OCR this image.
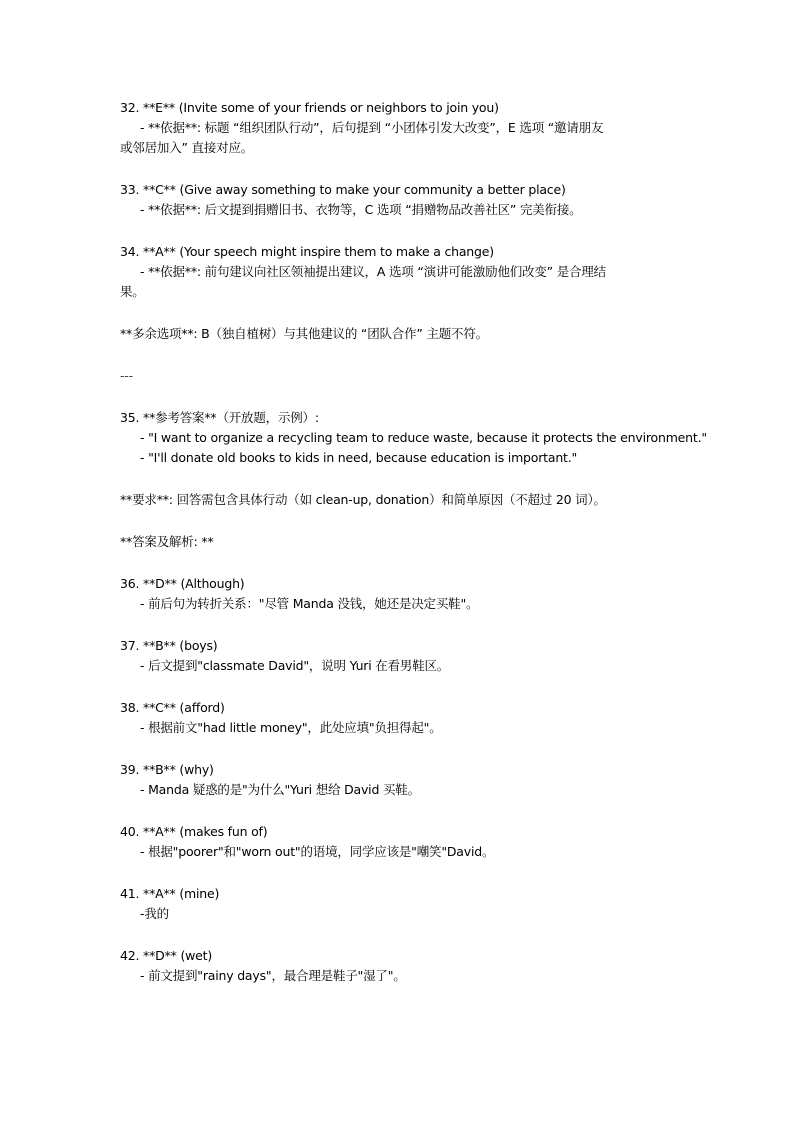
32. **E** (Invite some of your friends or neighbors to join you)
- **依据**: 标题 “组织团队行动”，后句提到 “小团体引发大改变”，E 选项 “邀请朋友
或邻居加入” 直接对应。
33. **C** (Give away something to make your community a better place)
- **依据**: 后文提到捐赠旧书、衣物等，C 选项 “捐赠物品改善社区” 完美衔接。
34. **A** (Your speech might inspire them to make a change)
- **依据**: 前句建议向社区领袖提出建议，A 选项 “演讲可能激励他们改变” 是合理结
果。
**多余选项**: B（独自植树）与其他建议的 “团队合作” 主题不符。
---
35. **参考答案**（开放题，示例）:
- "I want to organize a recycling team to reduce waste, because it protects the environment."
- "I'll donate old books to kids in need, because education is important."
**要求**: 回答需包含具体行动（如 clean-up, donation）和简单原因（不超过 20 词）。
**答案及解析: **
36. **D** (Although)
- 前后句为转折关系："尽管 Manda 没钱，她还是决定买鞋"。
37. **B** (boys)
- 后文提到"classmate David"，说明 Yuri 在看男鞋区。
38. **C** (afford)
- 根据前文"had little money"，此处应填"负担得起"。
39. **B** (why)
- Manda 疑惑的是"为什么"Yuri 想给 David 买鞋。
40. **A** (makes fun of)
- 根据"poorer"和"worn out"的语境，同学应该是"嘲笑"David。
41. **A** (mine)
-我的
42. **D** (wet)
- 前文提到"rainy days"，最合理是鞋子"湿了"。
